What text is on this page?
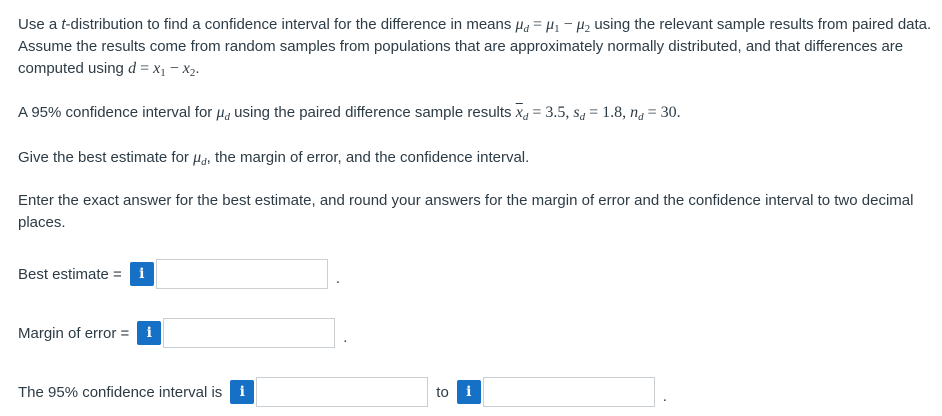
Use a t-distribution to find a confidence interval for the difference in means $\mu_d = \mu_1 - \mu_2$ using the relevant sample results from paired data. Assume the results come from random samples from populations that are approximately normally distributed, and that differences are computed using $d = x_1 - x_2$.

A 95% confidence interval for $\mu_d$ using the paired difference sample results $\overline{x}_d = 3.5$, $s_d = 1.8$, $n_d = 30$.

Give the best estimate for $\mu_d$, the margin of error, and the confidence interval.

Enter the exact answer for the best estimate, and round your answers for the margin of error and the confidence interval to two decimal places.

Best estimate = i	.
Margin of error = i	.
The 95% confidence interval is i	to i	.
